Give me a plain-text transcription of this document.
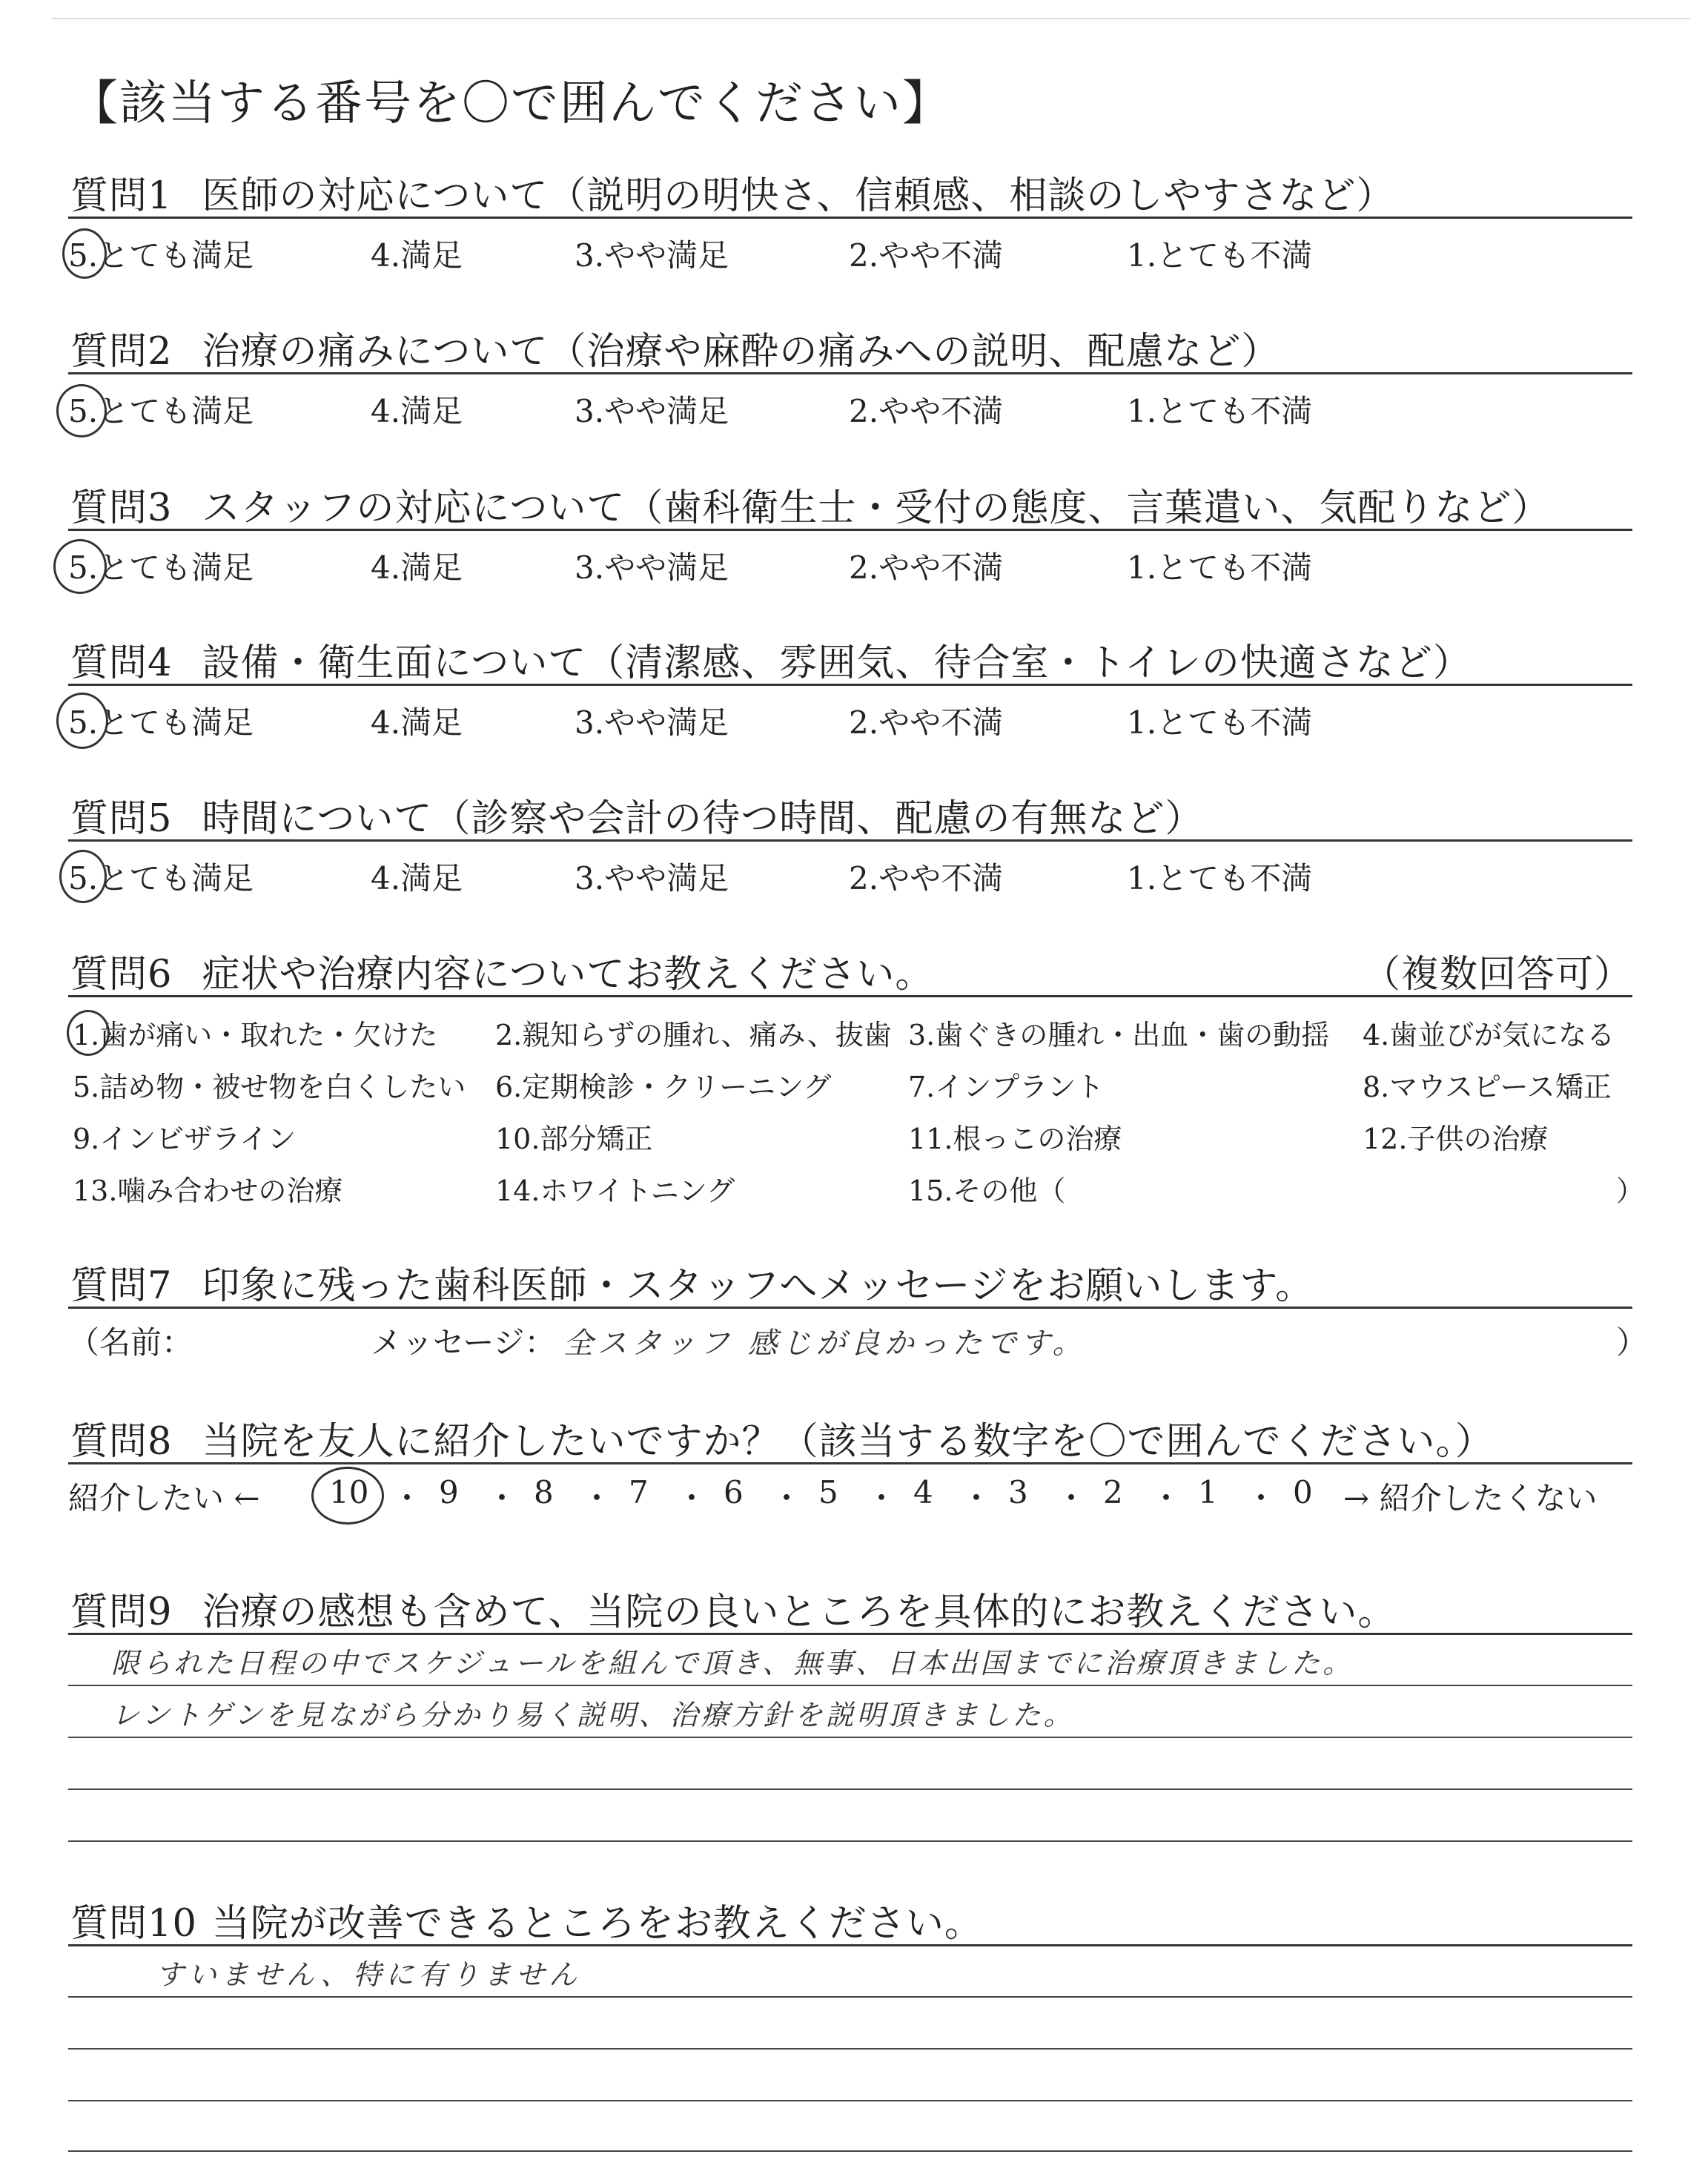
【該当する番号を〇で囲んでください】
質問1 医師の対応について（説明の明快さ、信頼感、相談のしやすさなど）
5.とても満足	4.満足	3.やや満足	2.やや不満	1.とても不満
質問2 治療の痛みについて（治療や麻酔の痛みへの説明、配慮など）
5.とても満足	4.満足	3.やや満足	2.やや不満	1.とても不満
質問3 スタッフの対応について（歯科衛生士・受付の態度、言葉遣い、気配りなど）
5.とても満足	4.満足	3.やや満足	2.やや不満	1.とても不満
質問4 設備・衛生面について（清潔感、雰囲気、待合室・トイレの快適さなど）
5.とても満足	4.満足	3.やや満足	2.やや不満	1.とても不満
質問5 時間について（診察や会計の待つ時間、配慮の有無など）
5.とても満足	4.満足	3.やや満足	2.やや不満	1.とても不満
質問6 症状や治療内容についてお教えください。	（複数回答可）
1.歯が痛い・取れた・欠けた 2.親知らずの腫れ、痛み、抜歯 3.歯ぐきの腫れ・出血・歯の動揺 4.歯並びが気になる
5.詰め物・被せ物を白くしたい 6.定期検診・クリーニング	7.インプラント	8.マウスピース矯正
9.インビザライン	10.部分矯正	11.根っこの治療	12.子供の治療
13.噛み合わせの治療	14.ホワイトニング	15.その他（	）
質問7 印象に残った歯科医師・スタッフへメッセージをお願いします。
（名前：	メッセージ： 全スタッフ 感じが良かったです。	）
質問8 当院を友人に紹介したいですか？（該当する数字を〇で囲んでください。）
紹介したい ← 10 ・ 9 ・ 8 ・ 7 ・ 6 ・ 5 ・ 4 ・ 3 ・ 2 ・ 1 ・ 0 → 紹介したくない
質問9 治療の感想も含めて、当院の良いところを具体的にお教えください。
限られた日程の中でスケジュールを組んで頂き、無事、日本出国までに治療頂きました。
レントゲンを見ながら分かり易く説明、治療方針を説明頂きました。
質問10 当院が改善できるところをお教えください。
すいません、特に有りません
